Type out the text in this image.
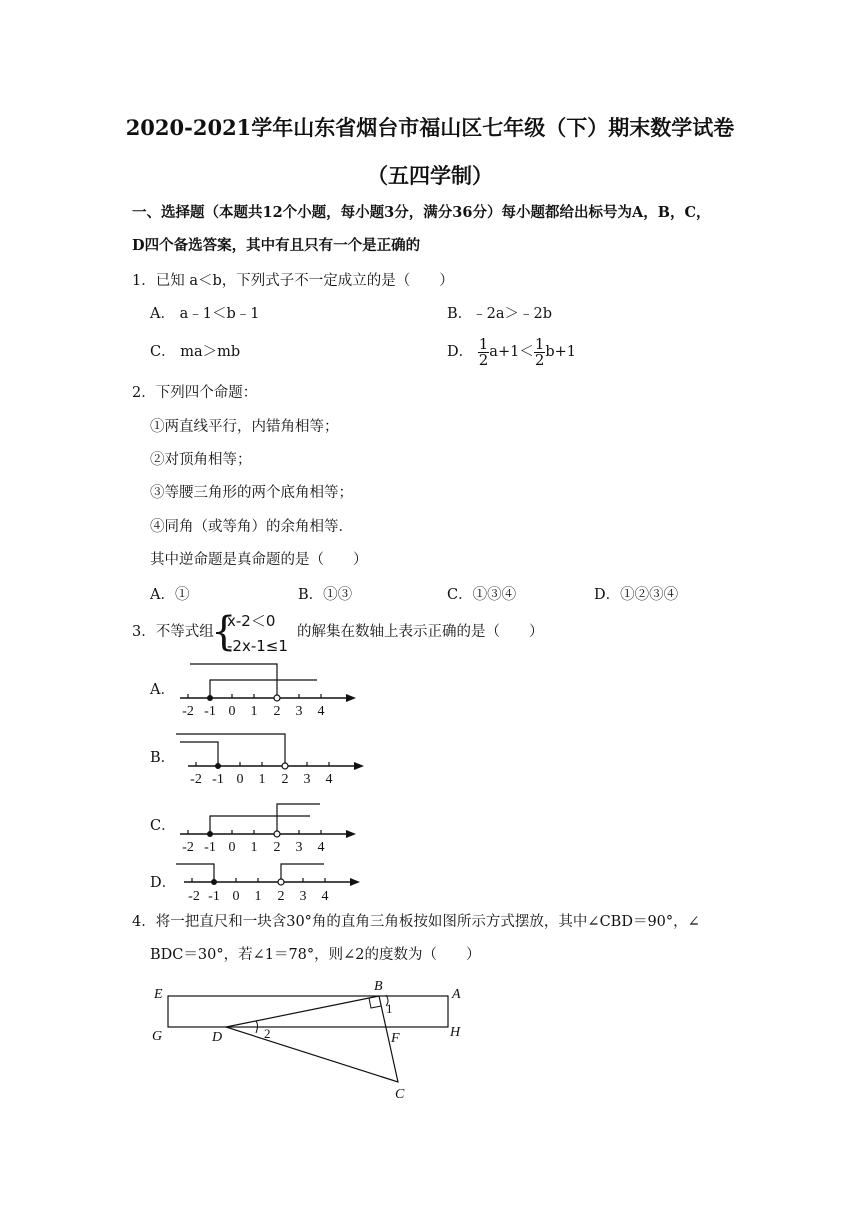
2020-2021学年山东省烟台市福山区七年级（下）期末数学试卷
（五四学制）
一、选择题（本题共12个小题，每小题3分，满分36分）每小题都给出标号为A，B，C，
D四个备选答案，其中有且只有一个是正确的
1．已知 a＜b，下列式子不一定成立的是（　　）
A． a﹣1＜b﹣1	B．﹣2a＞﹣2b
C． ma＞mb	D． $\frac{1}{2} a+1< \frac{1}{2} b+1$
2．下列四个命题：
①两直线平行，内错角相等；
②对顶角相等；
③等腰三角形的两个底角相等；
④同角（或等角）的余角相等．
其中逆命题是真命题的是（　　）
A．①	B．①③	C．①③④	D．①②③④
3．不等式组
{
x-2＜0
-2x-1≤1
的解集在数轴上表示正确的是（　　）
A．
-2 -1 0 1 2 3 4
B．
-2 -1 0 1 2 3 4
C．
-2 -1 0 1 2 3 4
D．
-2 -1 0 1 2 3 4
4．将一把直尺和一块含30°角的直角三角板按如图所示方式摆放，其中∠CBD＝90°，∠
BDC＝30°，若∠1＝78°，则∠2的度数为（　　）
E	A
G	D	H
B
F
C
1
2
